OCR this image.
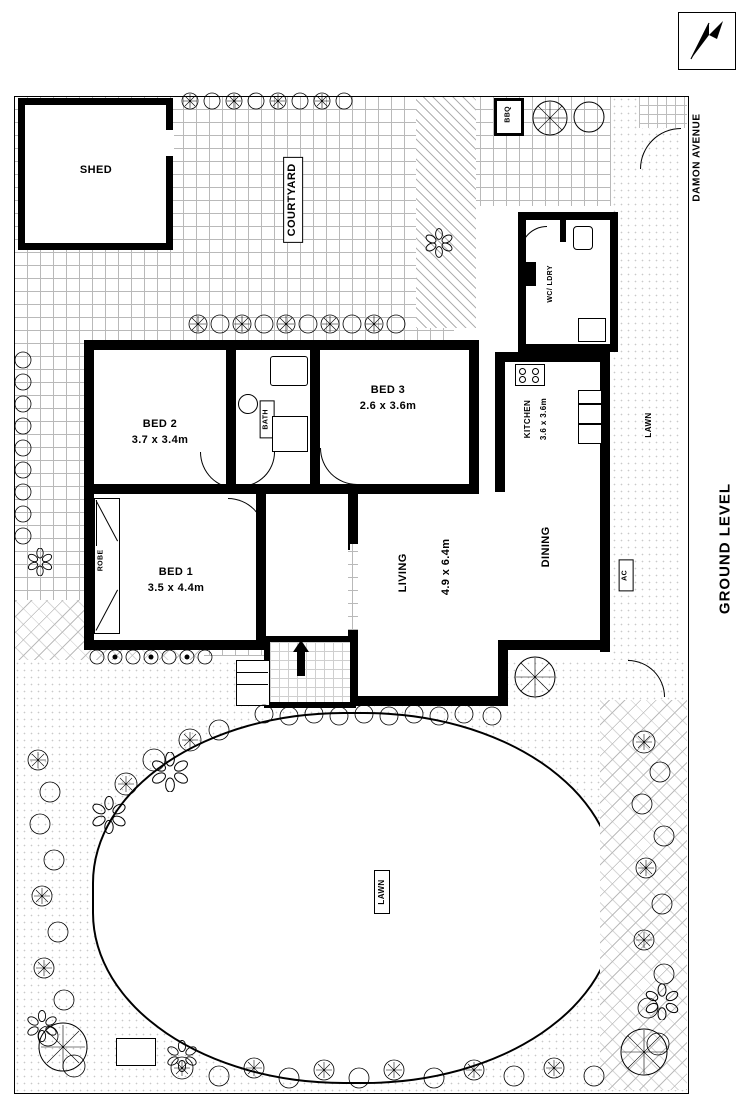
SHED	COURTYARD
BBQ
WC/ LDRY
BED 2
3.7 x 3.4m
BED 3
2.6 x 3.6m
BED 1
3.5 x 4.4m
BATH	KITCHEN 3.6 x 3.6m
LIVING	4.9 x 6.4m	DINING
ROBE
AC
LAWN
LAWN
GROUND LEVEL
DAMON AVENUE
